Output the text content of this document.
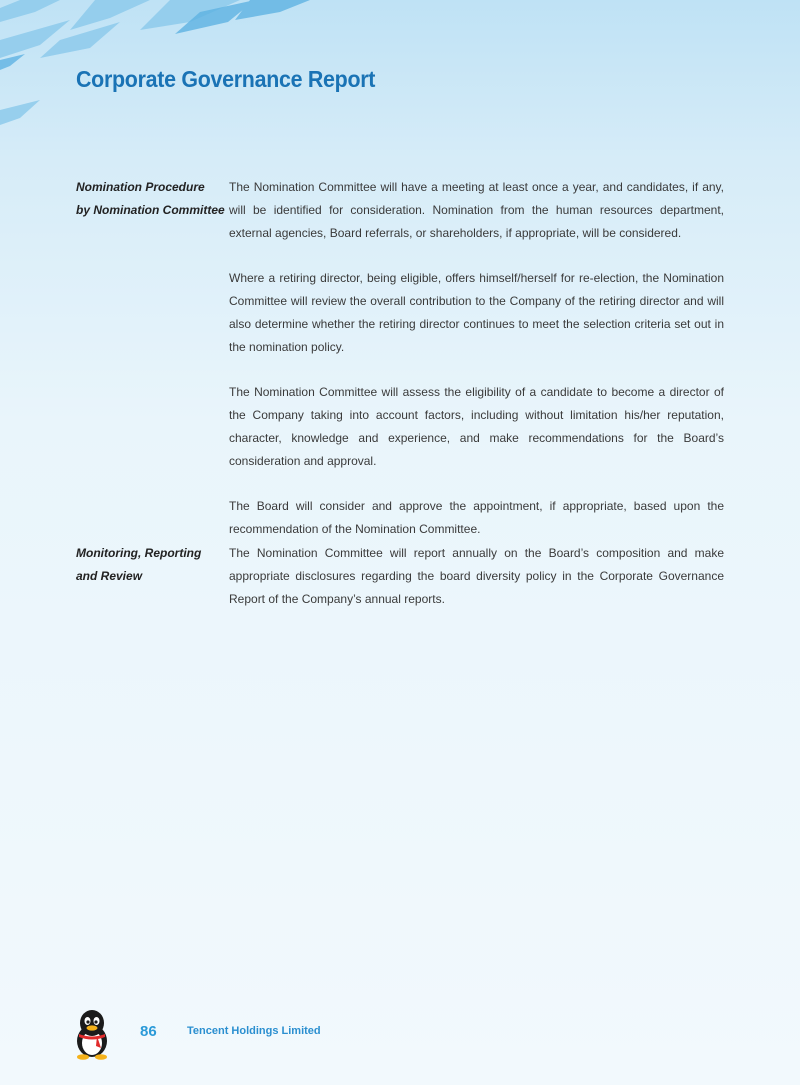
Corporate Governance Report
Nomination Procedure
by Nomination Committee

The Nomination Committee will have a meeting at least once a year, and candidates, if any, will be identified for consideration. Nomination from the human resources department, external agencies, Board referrals, or shareholders, if appropriate, will be considered.

Where a retiring director, being eligible, offers himself/herself for re-election, the Nomination Committee will review the overall contribution to the Company of the retiring director and will also determine whether the retiring director continues to meet the selection criteria set out in the nomination policy.

The Nomination Committee will assess the eligibility of a candidate to become a director of the Company taking into account factors, including without limitation his/her reputation, character, knowledge and experience, and make recommendations for the Board’s consideration and approval.

The Board will consider and approve the appointment, if appropriate, based upon the recommendation of the Nomination Committee.

Monitoring, Reporting
and Review

The Nomination Committee will report annually on the Board’s composition and make appropriate disclosures regarding the board diversity policy in the Corporate Governance Report of the Company’s annual reports.

86	Tencent Holdings Limited
